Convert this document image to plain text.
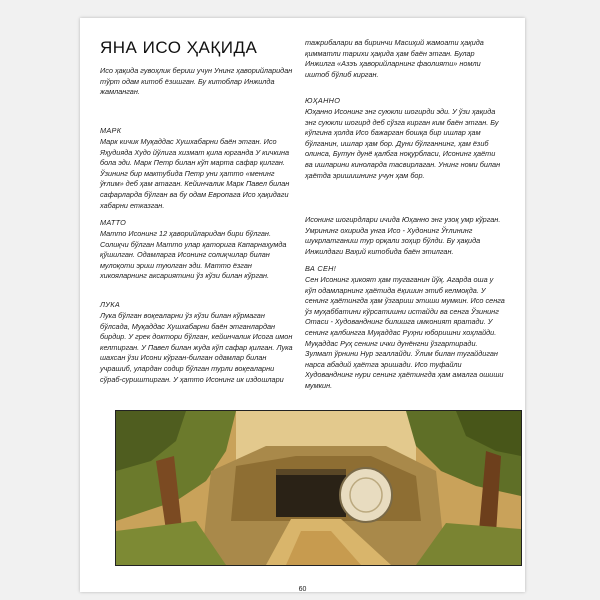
ЯНА ИСО ҲАҚИДА

Исо ҳақида гувоҳлик бериш учун Унинг ҳаворийларидан тўрт одам китоб ёзишган. Бу китоблар Инжилда жамланган.

МАРК

Марк кичик Муқаддас Хушхабарни баён этган. Исо Яҳудияда Худо йўлига хизмат қила юрганда У кичкина бола эди. Марк Петр билан кўп марта сафар қилган. Ўзининг бир мактубида Петр уни ҳатто «менинг ўғлим» деб ҳам атаган. Кейинчалик Марк Павел билан сафарларда бўлган ва бу одам Европага Исо ҳақидаги хабарни етказган.

МАТТО

Матто Исонинг 12 ҳаворийларидан бири бўлган. Солиқчи бўлган Матто улар қаторига Капарнаҳумда қўшилган. Одамларга Исонинг солиқчилар билан мулоқоти эриш туюлган эди. Матто ёзган хикояларнинг аксариятини ўз кўзи билан кўрган.

ЛУКА

Лука бўлган воқеаларни ўз кўзи билан кўрмаган бўлсада, Муқаддас Хушхабарни баён этганлардан бирдир. У грек доктори бўлган, кейинчалик Исога имон келтирган. У Павел билан жуда кўп сафар қилган. Лука шахсан ўзи Исони кўрган-билган одамлар билан учрашиб, улардан содир бўлган турли воқеаларни сўраб-суриштирган. У ҳатто Исонинг ик издошлари

тажрибалари ва биринчи Масиҳий жамоати ҳақида қимматли тарихи ҳақида ҳам баён этган. Булар Инжилга «Азэъ ҳаворийларнинг фаолияти» номли иштоб бўлиб кирган.

ЮҲАННО

Юҳанно Исонинг энг суюкли шогирди эди. У ўзи ҳақида энг суюкли шогирд деб сўзга кирган ким баён этган. Бу кўпгина ҳолда Исо бажарган бошқа бир ишлар ҳам бўлганин, ишлар ҳам бор. Дуни бўлганнинг, ҳам ёзиб олинса, Бутун дунё қалбга ноқурбласи, Исонинг ҳаёти ва ишларини киноларда тасвирлаган. Унинг номи билан ҳаётда эришишнинг учун ҳам бор.

Исонинг шогирдлари ичида Юҳанно энг узоқ умр кўрган. Умрининг охирида унга Исо - Худонинг Ўғлининг шукрлатганиш тур орқали зоҳир бўлди. Бу ҳақида Инжилдаги Ваҳий китобида баён этилган.

ВА СЕН!

Сен Исонинг ҳикоят ҳам тугаганин йўқ. Агарда оша у кўп одамларнинг ҳаётида ёқишин этиб келмоқда. У сенинг ҳаётингда ҳам ўзгариш этиши мумкин. Исо сенга ўз муҳаббатини кўрсатишни истайди ва сенга Ўзининг Отаси - Худованднинг билишга имконият яратади. У сенинг қалбингга Муқаддас Руҳни юборишни хоҳлайди. Муқаддас Руҳ сенинг ички дунёнгни ўзгартиради. Зулмат ўрнини Нур эгаллайди. Ўлим билан тугайдиган нарса абадий ҳаётга эришади. Исо туфайли Худованднинг нури сенинг ҳаётингда ҳам амалга ошиши мумкин.

60
